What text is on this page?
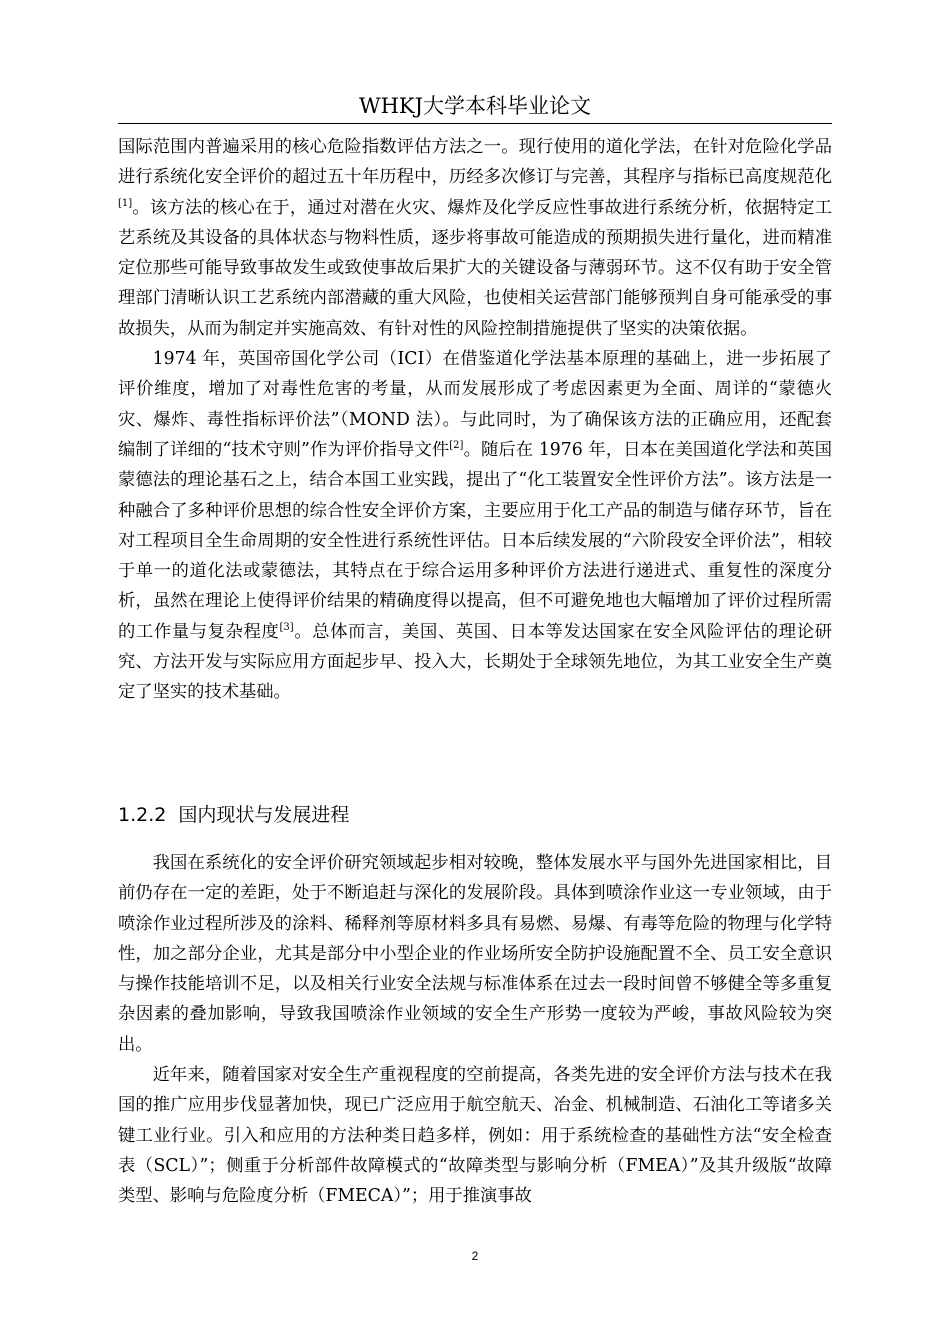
WHKJ大学本科毕业论文

国际范围内普遍采用的核心危险指数评估方法之一。现行使用的道化学法，在针对危险化学品进行系统化安全评价的超过五十年历程中，历经多次修订与完善，其程序与指标已高度规范化[1]。该方法的核心在于，通过对潜在火灾、爆炸及化学反应性事故进行系统分析，依据特定工艺系统及其设备的具体状态与物料性质，逐步将事故可能造成的预期损失进行量化，进而精准定位那些可能导致事故发生或致使事故后果扩大的关键设备与薄弱环节。这不仅有助于安全管理部门清晰认识工艺系统内部潜藏的重大风险，也使相关运营部门能够预判自身可能承受的事故损失，从而为制定并实施高效、有针对性的风险控制措施提供了坚实的决策依据。

1974 年，英国帝国化学公司（ICI）在借鉴道化学法基本原理的基础上，进一步拓展了评价维度，增加了对毒性危害的考量，从而发展形成了考虑因素更为全面、周详的“蒙德火灾、爆炸、毒性指标评价法”（MOND 法）。与此同时，为了确保该方法的正确应用，还配套编制了详细的“技术守则”作为评价指导文件[2]。随后在 1976 年，日本在美国道化学法和英国蒙德法的理论基石之上，结合本国工业实践，提出了“化工装置安全性评价方法”。该方法是一种融合了多种评价思想的综合性安全评价方案，主要应用于化工产品的制造与储存环节，旨在对工程项目全生命周期的安全性进行系统性评估。日本后续发展的“六阶段安全评价法”，相较于单一的道化法或蒙德法，其特点在于综合运用多种评价方法进行递进式、重复性的深度分析，虽然在理论上使得评价结果的精确度得以提高，但不可避免地也大幅增加了评价过程所需的工作量与复杂程度[3]。总体而言，美国、英国、日本等发达国家在安全风险评估的理论研究、方法开发与实际应用方面起步早、投入大，长期处于全球领先地位，为其工业安全生产奠定了坚实的技术基础。

1.2.2 国内现状与发展进程

我国在系统化的安全评价研究领域起步相对较晚，整体发展水平与国外先进国家相比，目前仍存在一定的差距，处于不断追赶与深化的发展阶段。具体到喷涂作业这一专业领域，由于喷涂作业过程所涉及的涂料、稀释剂等原材料多具有易燃、易爆、有毒等危险的物理与化学特性，加之部分企业，尤其是部分中小型企业的作业场所安全防护设施配置不全、员工安全意识与操作技能培训不足，以及相关行业安全法规与标准体系在过去一段时间曾不够健全等多重复杂因素的叠加影响，导致我国喷涂作业领域的安全生产形势一度较为严峻，事故风险较为突出。

近年来，随着国家对安全生产重视程度的空前提高，各类先进的安全评价方法与技术在我国的推广应用步伐显著加快，现已广泛应用于航空航天、冶金、机械制造、石油化工等诸多关键工业行业。引入和应用的方法种类日趋多样，例如：用于系统检查的基础性方法“安全检查表（SCL）”；侧重于分析部件故障模式的“故障类型与影响分析（FMEA）”及其升级版“故障类型、影响与危险度分析（FMECA）”；用于推演事故

2
